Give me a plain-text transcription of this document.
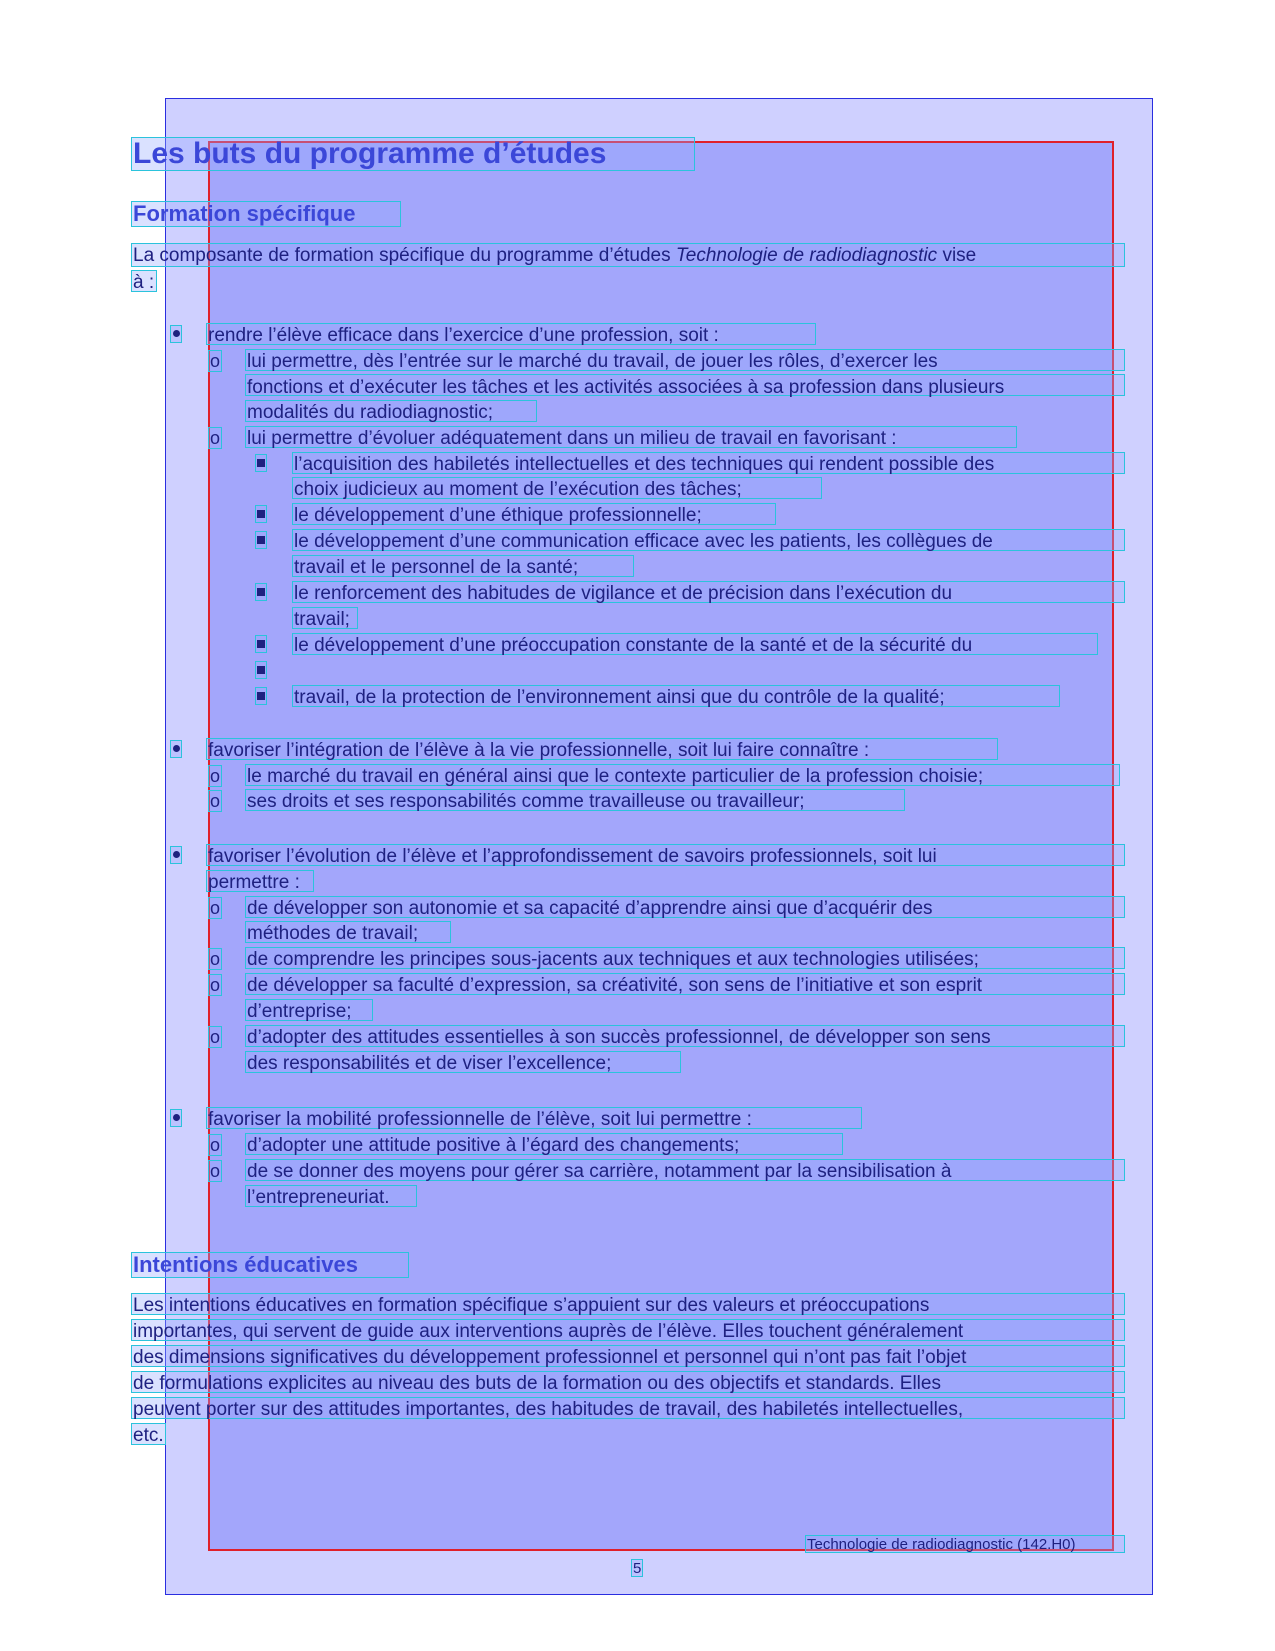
Les buts du programme d’études
Formation spécifique
La composante de formation spécifique du programme d’études Technologie de radiodiagnostic vise
à :
rendre l’élève efficace dans l’exercice d’une profession, soit :
o lui permettre, dès l’entrée sur le marché du travail, de jouer les rôles, d’exercer les
fonctions et d’exécuter les tâches et les activités associées à sa profession dans plusieurs
modalités du radiodiagnostic;
o lui permettre d’évoluer adéquatement dans un milieu de travail en favorisant :
l’acquisition des habiletés intellectuelles et des techniques qui rendent possible des
choix judicieux au moment de l’exécution des tâches;
le développement d’une éthique professionnelle;
le développement d’une communication efficace avec les patients, les collègues de
travail et le personnel de la santé;
le renforcement des habitudes de vigilance et de précision dans l’exécution du
travail;
le développement d’une préoccupation constante de la santé et de la sécurité du
travail, de la protection de l’environnement ainsi que du contrôle de la qualité;
favoriser l’intégration de l’élève à la vie professionnelle, soit lui faire connaître :
o le marché du travail en général ainsi que le contexte particulier de la profession choisie;
o ses droits et ses responsabilités comme travailleuse ou travailleur;
favoriser l’évolution de l’élève et l’approfondissement de savoirs professionnels, soit lui
permettre :
o de développer son autonomie et sa capacité d’apprendre ainsi que d’acquérir des
méthodes de travail;
o de comprendre les principes sous-jacents aux techniques et aux technologies utilisées;
o de développer sa faculté d’expression, sa créativité, son sens de l’initiative et son esprit
d’entreprise;
o d’adopter des attitudes essentielles à son succès professionnel, de développer son sens
des responsabilités et de viser l’excellence;
favoriser la mobilité professionnelle de l’élève, soit lui permettre :
o d’adopter une attitude positive à l’égard des changements;
o de se donner des moyens pour gérer sa carrière, notamment par la sensibilisation à
l’entrepreneuriat.
Intentions éducatives
Les intentions éducatives en formation spécifique s’appuient sur des valeurs et préoccupations
importantes, qui servent de guide aux interventions auprès de l’élève. Elles touchent généralement
des dimensions significatives du développement professionnel et personnel qui n’ont pas fait l’objet
de formulations explicites au niveau des buts de la formation ou des objectifs et standards. Elles
peuvent porter sur des attitudes importantes, des habitudes de travail, des habiletés intellectuelles,
etc.
Technologie de radiodiagnostic (142.H0)
5
